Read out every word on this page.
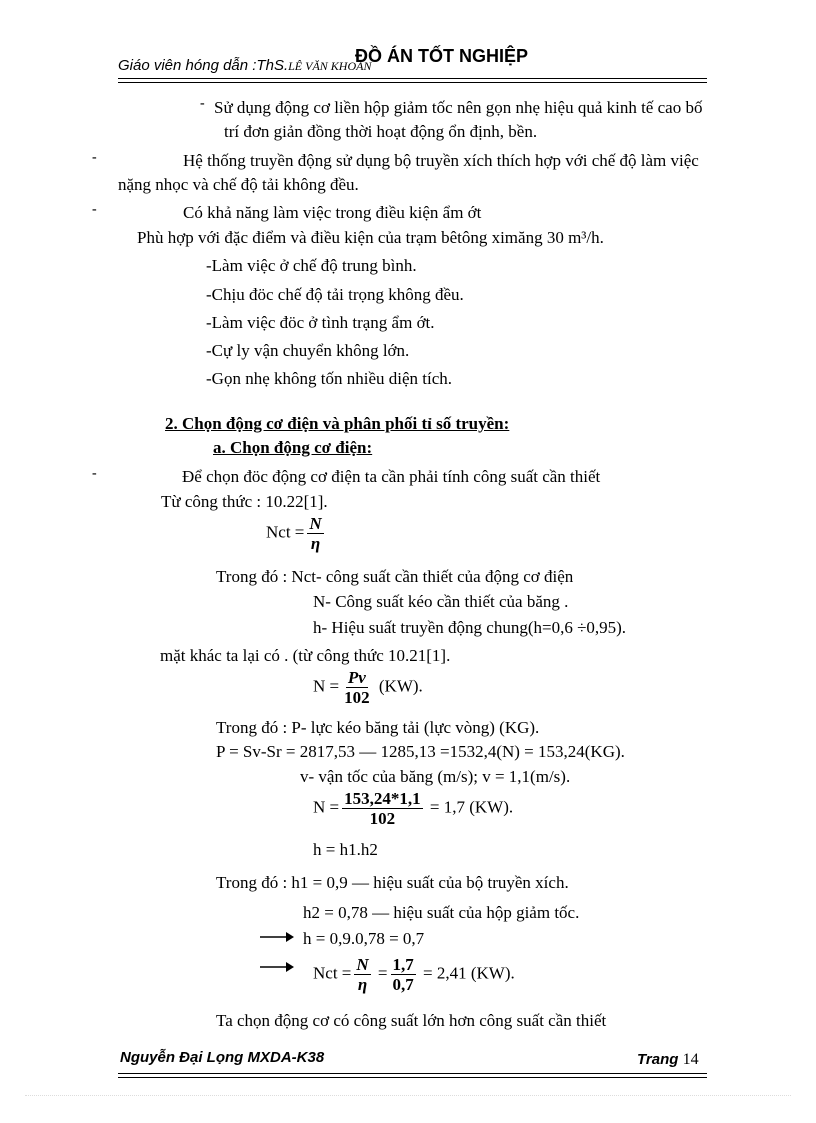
Giáo viên hóng dẫn :ThS.LÊ VĂN KHOÁN
ĐỒ ÁN TỐT NGHIỆP
- Sử dụng động cơ liền hộp giảm tốc nên gọn nhẹ hiệu quả kinh tế cao bố
trí đơn giản đồng thời hoạt động ổn định, bền.
-	Hệ thống truyền động sử dụng bộ truyền xích thích hợp với chế độ làm việc
nặng nhọc và chế độ tải không đều.
-	Có khả năng làm việc trong điều kiện ẩm ớt
Phù hợp với đặc điểm và điều kiện của trạm bêtông ximăng 30 m³/h.
-Làm việc ở chế độ trung bình.
-Chịu đöc chế độ tải trọng không đều.
-Làm việc đöc ở tình trạng ẩm ớt.
-Cự ly vận chuyển không lớn.
-Gọn nhẹ không tốn nhiều diện tích.
2. Chọn động cơ điện và phân phối tỉ số truyền:
a. Chọn động cơ điện:
-	Để chọn đöc động cơ điện ta cần phải tính công suất cần thiết
Từ công thức : 10.22[1].
Nct = $\frac{N}{\eta}$
Trong đó : Nct- công suất cần thiết của động cơ điện
N- Công suất kéo cần thiết của băng .
h- Hiệu suất truyền động chung(h=0,6 ÷0,95).
mặt khác ta lại có . (từ công thức 10.21[1].
$N = \frac{Pv}{102} (KW)$.
Trong đó : P- lực kéo băng tải (lực vòng) (KG).
P = Sv-Sr = 2817,53 — 1285,13 =1532,4(N) = 153,24(KG).
v- vận tốc của băng (m/s); v = 1,1(m/s).
$N = \frac{153,24*1,1}{102} = 1,7$ (KW).
h = h1.h2
Trong đó : h1 = 0,9 — hiệu suất của bộ truyền xích.
h2 = 0,78 — hiệu suất của hộp giảm tốc.
h = 0,9.0,78 = 0,7
Nct = $\frac{N}{\eta} = \frac{1,7}{0,7} = 2,41$ (KW).
Ta chọn động cơ có công suất lớn hơn công suất cần thiết
Nguyễn Đại Lọng MXDA-K38	Trang 14
